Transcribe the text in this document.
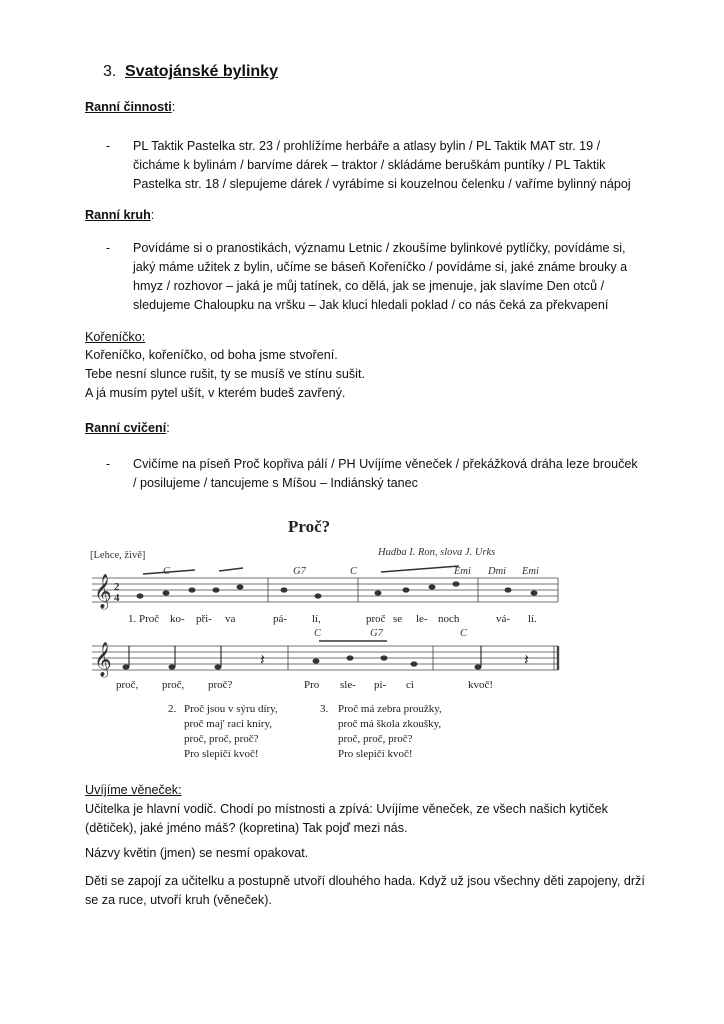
3. Svatojánské bylinky
Ranní činnosti:
- PL Taktik Pastelka str. 23 / prohlížíme herbáře a atlasy bylin / PL Taktik MAT str. 19 / čicháme k bylinám / barvíme dárek – traktor / skládáme beruškám puntíky / PL Taktik Pastelka str. 18 / slepujeme dárek / vyrábíme si kouzelnou čelenku / vaříme bylinný nápoj
Ranní kruh:
- Povídáme si o pranostikách, významu Letnic / zkoušíme bylinkové pytlíčky, povídáme si, jaký máme užitek z bylin, učíme se báseň Kořeníčko / povídáme si, jaké známe brouky a hmyz / rozhovor – jaká je můj tatínek, co dělá, jak se jmenuje, jak slavíme Den otců / sledujeme Chaloupku na vršku – Jak kluci hledali poklad / co nás čeká za překvapení
Kořeníčko:
Kořeníčko, kořeníčko, od boha jsme stvoření.
Tebe nesní slunce rušit, ty se musíš ve stínu sušit.
A já musím pytel ušít, v kterém budeš zavřený.
Ranní cvičení:
- Cvičíme na píseň Proč kopřiva pálí / PH Uvíjíme věneček / překážková dráha leze brouček / posilujeme / tancujeme s Míšou – Indiánský tanec
Proč?
[Lehce, živě]	Hudba I. Ron, slova J. Urks
𝄞 2
4
C	G7	C	Emi Dmi Emi
1. Proč ko- při- va	pá- lí,	proč se le- noch	vá- lí.
𝄞	𝄽	𝄽
C	G7	C
proč, proč, proč?	Pro sle- pi- ci	kvoč!
2. Proč jsou v sýru díry,
proč maj' raci kníry,
proč, proč, proč?
Pro slepičí kvoč!
3. Proč má zebra proužky,
proč má škola zkoušky,
proč, proč, proč?
Pro slepičí kvoč!
Uvíjíme věneček:
Učitelka je hlavní vodič. Chodí po místnosti a zpívá: Uvíjíme věneček, ze všech našich kytiček (dětiček), jaké jméno máš? (kopretina) Tak pojď mezi nás.
Názvy květin (jmen) se nesmí opakovat.
Děti se zapojí za učitelku a postupně utvoří dlouhého hada. Když už jsou všechny děti zapojeny, drží se za ruce, utvoří kruh (věneček).
